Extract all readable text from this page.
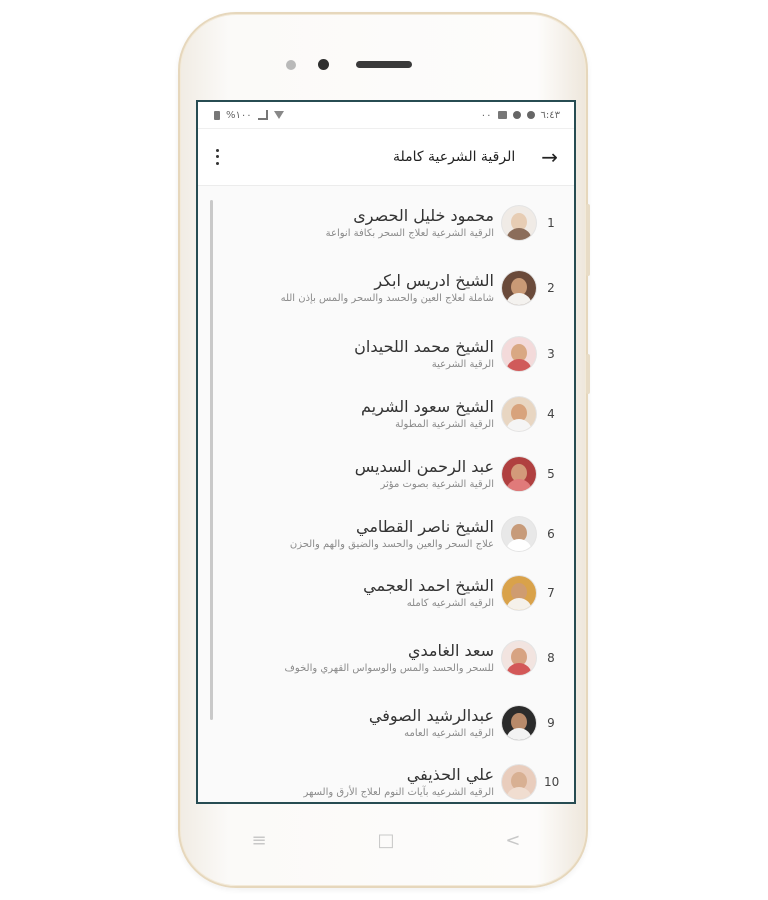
%١٠٠	٠٠	٦:٤٣
الرقية الشرعية كاملة →
محمود خليل الحصرى
الرقية الشرعية لعلاج السحر بكافة انواعة
1
الشيخ ادريس ابكر
شاملة لعلاج العين والحسد والسحر والمس بإذن الله
2
الشيخ محمد اللحيدان
الرقية الشرعية
3
الشيخ سعود الشريم
الرقية الشرعية المطولة
4
عبد الرحمن السديس
الرقية الشرعية بصوت مؤثر
5
الشيخ ناصر القطامي
علاج السحر والعين والحسد والضيق والهم والحزن
6
الشيخ احمد العجمي
الرقيه الشرعيه كامله
7
سعد الغامدي
للسحر والحسد والمس والوسواس القهري والخوف
8
عبدالرشيد الصوفي
الرقيه الشرعيه العامه
9
علي الحذيفي
الرقيه الشرعيه بآيات النوم لعلاج الأرق والسهر
10
≡	□	<
